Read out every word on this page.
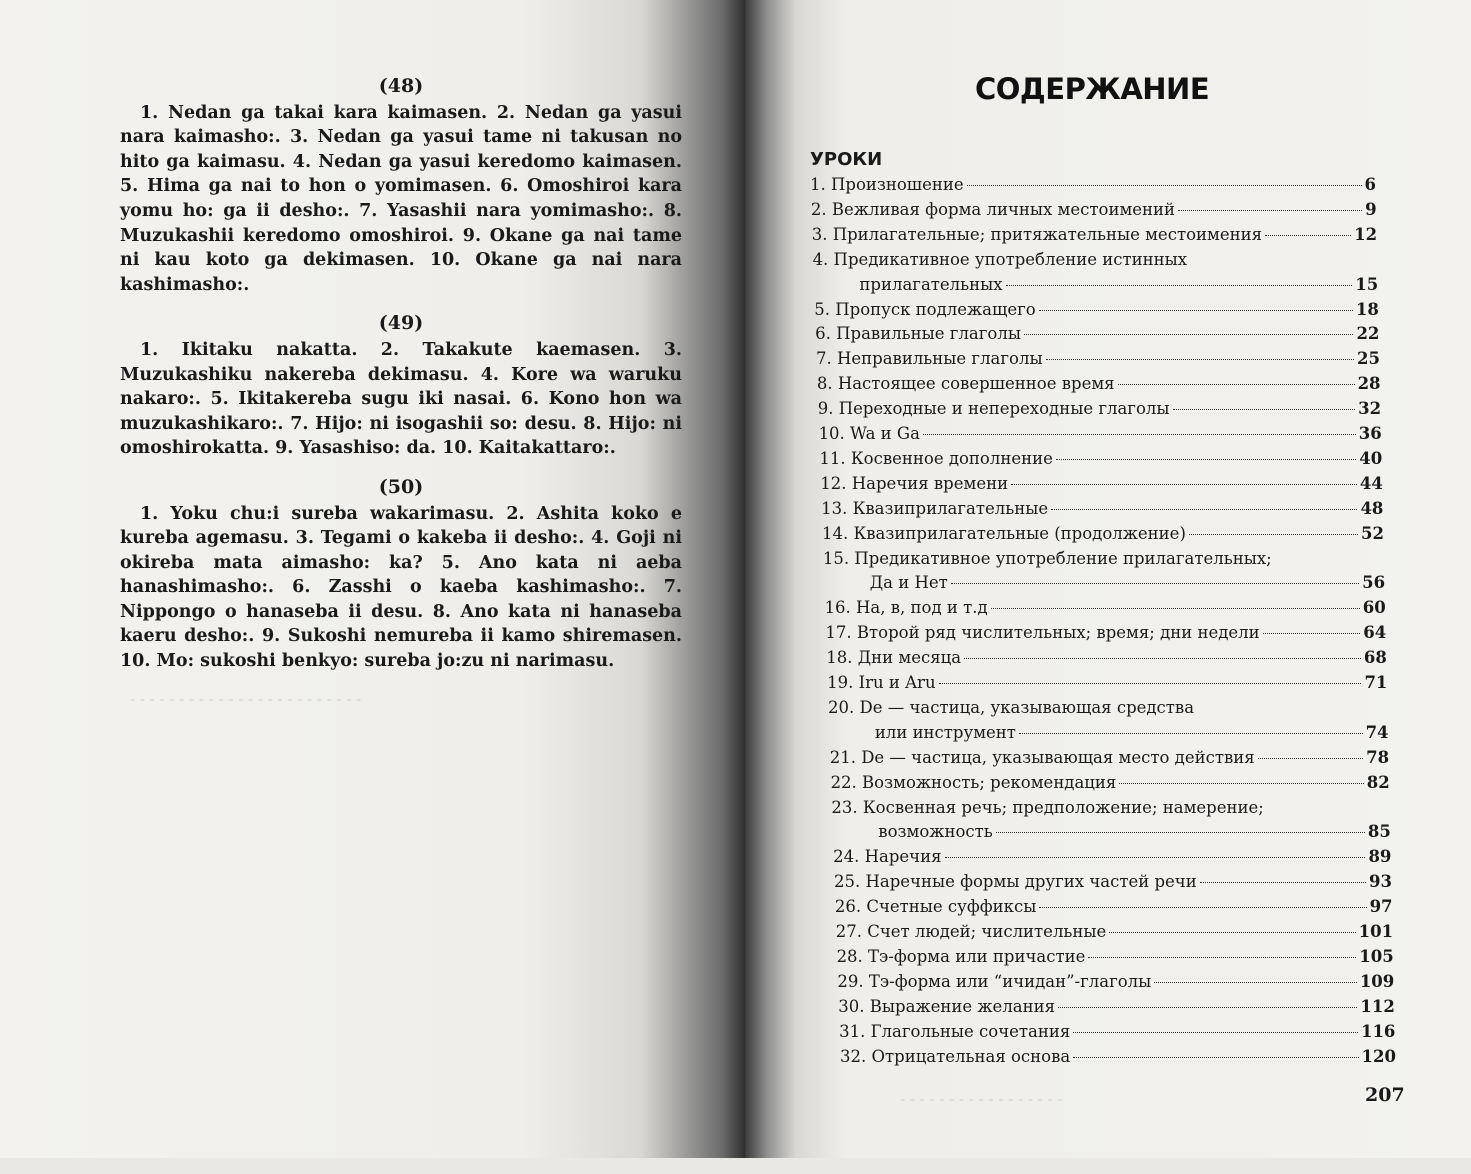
- - - - - - - - - - - - - - - - - - - - - - - -
- - - - - - - - - - - - - - - - -
(48)

1. Nedan ga takai kara kaimasen. 2. Nedan ga yasui nara kaimasho:. 3. Nedan ga yasui tame ni takusan no hito ga kaimasu. 4. Nedan ga yasui keredomo kaimasen. 5. Hima ga nai to hon o yomimasen. 6. Omoshiroi kara yomu ho: ga ii desho:. 7. Yasashii nara yomimasho:. 8. Muzukashii keredomo omoshiroi. 9. Okane ga nai tame ni kau koto ga dekimasen. 10. Okane ga nai nara kashimasho:.

(49)

1. Ikitaku nakatta. 2. Takakute kaemasen. 3. Muzukashiku nakereba dekimasu. 4. Kore wa waruku nakaro:. 5. Ikitakereba sugu iki nasai. 6. Kono hon wa muzukashikaro:. 7. Hijo: ni isogashii so: desu. 8. Hijo: ni omoshirokatta. 9. Yasashiso: da. 10. Kaitakattaro:.

(50)

1. Yoku chu:i sureba wakarimasu. 2. Ashita koko e kureba agemasu. 3. Tegami o kakeba ii desho:. 4. Goji ni okireba mata aimasho: ka? 5. Ano kata ni aeba hanashimasho:. 6. Zasshi o kaeba kashimasho:. 7. Nippongo o hanaseba ii desu. 8. Ano kata ni hanaseba kaeru desho:. 9. Sukoshi nemureba ii kamo shiremasen. 10. Mo: sukoshi benkyo: sureba jo:zu ni narimasu.

СОДЕРЖАНИЕ
УРОКИ
1. Произношение	6
2. Вежливая форма личных местоимений	9
3. Прилагательные; притяжательные местоимения	12
4. Предикативное употребление истинных
прилагательных	15
5. Пропуск подлежащего	18
6. Правильные глаголы	22
7. Неправильные глаголы	25
8. Настоящее совершенное время	28
9. Переходные и непереходные глаголы	32
10. Wa и Ga	36
11. Косвенное дополнение	40
12. Наречия времени	44
13. Квазиприлагательные	48
14. Квазиприлагательные (продолжение)	52
15. Предикативное употребление прилагательных;
Да и Нет	56
16. На, в, под и т.д	60
17. Второй ряд числительных; время; дни недели	64
18. Дни месяца	68
19. Iru и Aru	71
20. De — частица, указывающая средства
или инструмент	74
21. De — частица, указывающая место действия	78
22. Возможность; рекомендация	82
23. Косвенная речь; предположение; намерение;
возможность	85
24. Наречия	89
25. Наречные формы других частей речи	93
26. Счетные суффиксы	97
27. Счет людей; числительные	101
28. Тэ-форма или причастие	105
29. Тэ-форма или “ичидан”-глаголы	109
30. Выражение желания	112
31. Глагольные сочетания	116
32. Отрицательная основа	120
207
